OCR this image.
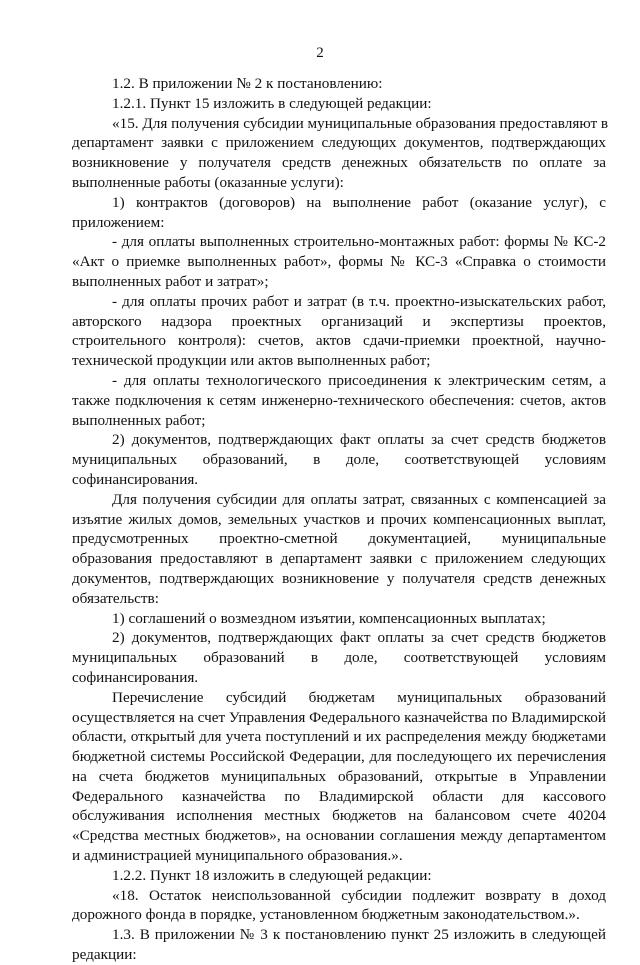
2
1.2. В приложении № 2 к постановлению:
1.2.1. Пункт 15 изложить в следующей редакции:
«15. Для получения субсидии муниципальные образования предоставляют в
департамент заявки с приложением следующих документов, подтверждающих
возникновение у получателя средств денежных обязательств по оплате за
выполненные работы (оказанные услуги):
1) контрактов (договоров) на выполнение работ (оказание услуг), с
приложением:
- для оплаты выполненных строительно-монтажных работ: формы № КС-2
«Акт о приемке выполненных работ», формы № КС-3 «Справка о стоимости
выполненных работ и затрат»;
- для оплаты прочих работ и затрат (в т.ч. проектно-изыскательских работ,
авторского надзора проектных организаций и экспертизы проектов,
строительного контроля): счетов, актов сдачи-приемки проектной, научно-
технической продукции или актов выполненных работ;
- для оплаты технологического присоединения к электрическим сетям, а
также подключения к сетям инженерно-технического обеспечения: счетов, актов
выполненных работ;
2) документов, подтверждающих факт оплаты за счет средств бюджетов
муниципальных образований, в доле, соответствующей условиям
софинансирования.
Для получения субсидии для оплаты затрат, связанных с компенсацией за
изъятие жилых домов, земельных участков и прочих компенсационных выплат,
предусмотренных проектно-сметной документацией, муниципальные
образования предоставляют в департамент заявки с приложением следующих
документов, подтверждающих возникновение у получателя средств денежных
обязательств:
1) соглашений о возмездном изъятии, компенсационных выплатах;
2) документов, подтверждающих факт оплаты за счет средств бюджетов
муниципальных образований в доле, соответствующей условиям
софинансирования.
Перечисление субсидий бюджетам муниципальных образований
осуществляется на счет Управления Федерального казначейства по Владимирской
области, открытый для учета поступлений и их распределения между бюджетами
бюджетной системы Российской Федерации, для последующего их перечисления
на счета бюджетов муниципальных образований, открытые в Управлении
Федерального казначейства по Владимирской области для кассового
обслуживания исполнения местных бюджетов на балансовом счете 40204
«Средства местных бюджетов», на основании соглашения между департаментом
и администрацией муниципального образования.».
1.2.2. Пункт 18 изложить в следующей редакции:
«18. Остаток неиспользованной субсидии подлежит возврату в доход
дорожного фонда в порядке, установленном бюджетным законодательством.».
1.3. В приложении № 3 к постановлению пункт 25 изложить в следующей
редакции:
